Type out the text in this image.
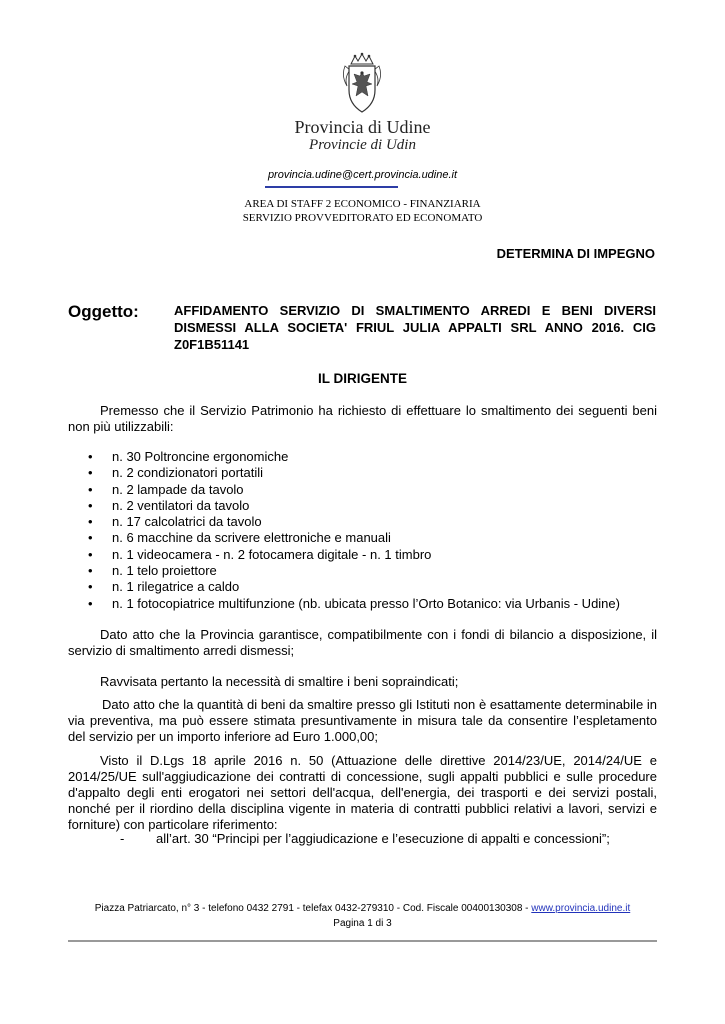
Provincia di Udine
Provincie di Udin
provincia.udine@cert.provincia.udine.it
AREA DI STAFF 2 ECONOMICO - FINANZIARIA
SERVIZIO PROVVEDITORATO ED ECONOMATO
DETERMINA DI IMPEGNO
Oggetto:	AFFIDAMENTO SERVIZIO DI SMALTIMENTO ARREDI E BENI DIVERSI DISMESSI ALLA SOCIETA' FRIUL JULIA APPALTI SRL ANNO 2016. CIG Z0F1B51141
IL DIRIGENTE
Premesso che il Servizio Patrimonio ha richiesto di effettuare lo smaltimento dei seguenti beni non più utilizzabili:
• n. 30 Poltroncine ergonomiche
• n. 2 condizionatori portatili
• n. 2 lampade da tavolo
• n. 2 ventilatori da tavolo
• n. 17 calcolatrici da tavolo
• n. 6 macchine da scrivere elettroniche e manuali
• n. 1 videocamera - n. 2 fotocamera digitale - n. 1 timbro
• n. 1 telo proiettore
• n. 1 rilegatrice a caldo
• n. 1 fotocopiatrice multifunzione (nb. ubicata presso l’Orto Botanico: via Urbanis - Udine)
Dato atto che la Provincia garantisce, compatibilmente con i fondi di bilancio a disposizione, il servizio di smaltimento arredi dismessi;
Ravvisata pertanto la necessità di smaltire i beni sopraindicati;
Dato atto che la quantità di beni da smaltire presso gli Istituti non è esattamente determinabile in via preventiva, ma può essere stimata presuntivamente in misura tale da consentire l’espletamento del servizio per un importo inferiore ad Euro 1.000,00;
Visto il D.Lgs 18 aprile 2016 n. 50 (Attuazione delle direttive 2014/23/UE, 2014/24/UE e 2014/25/UE sull'aggiudicazione dei contratti di concessione, sugli appalti pubblici e sulle procedure d'appalto degli enti erogatori nei settori dell'acqua, dell'energia, dei trasporti e dei servizi postali, nonché per il riordino della disciplina vigente in materia di contratti pubblici relativi a lavori, servizi e forniture) con particolare riferimento:
- all’art. 30 “Principi per l’aggiudicazione e l’esecuzione di appalti e concessioni”;
Piazza Patriarcato, n° 3 - telefono 0432 2791 - telefax 0432-279310 - Cod. Fiscale 00400130308 - www.provincia.udine.it
Pagina 1 di 3
